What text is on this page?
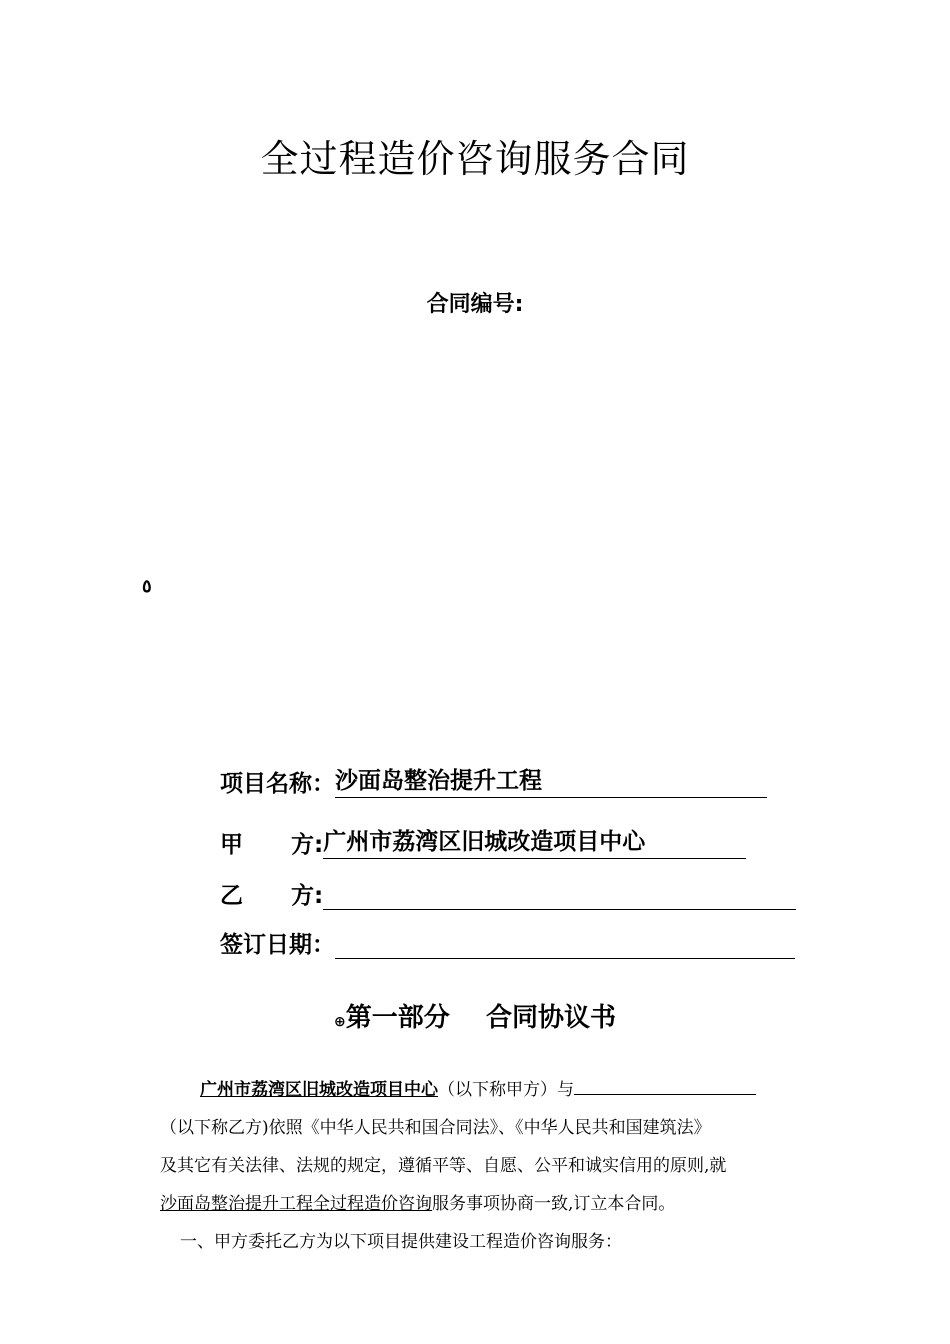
全过程造价咨询服务合同
合同编号:
٥
项目名称： 沙面岛整治提升工程
甲      方: 广州市荔湾区旧城改造项目中心
乙      方:
签订日期：
⊕第一部分    合同协议书
广州市荔湾区旧城改造项目中心（以下称甲方）与
（以下称乙方)依照《中华人民共和国合同法》、《中华人民共和国建筑法》
及其它有关法律、法规的规定，遵循平等、自愿、公平和诚实信用的原则,就
沙面岛整治提升工程全过程造价咨询服务事项协商一致,订立本合同。
一、甲方委托乙方为以下项目提供建设工程造价咨询服务：
